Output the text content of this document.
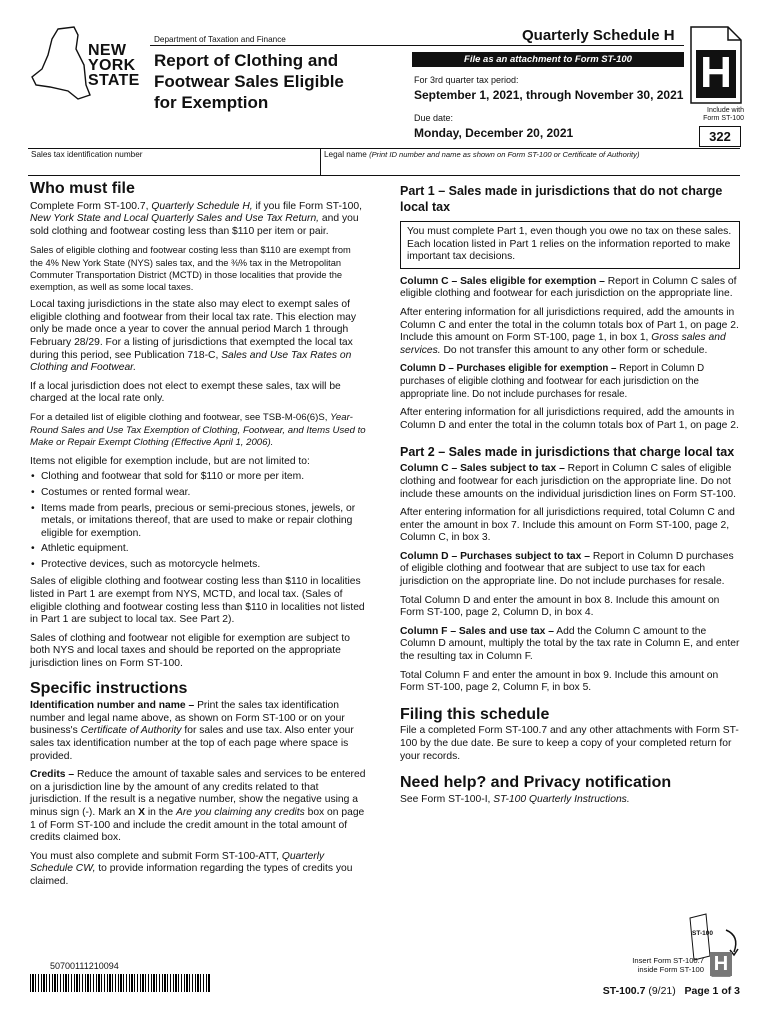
NEW
YORK
STATE
Department of Taxation and Finance
Report of Clothing and
Footwear Sales Eligible
for Exemption
Quarterly Schedule H
File as an attachment to Form ST-100
For 3rd quarter tax period:
September 1, 2021, through November 30, 2021
Due date:
Monday, December 20, 2021
H
Include with
Form ST-100
322
Sales tax identification number	Legal name (Print ID number and name as shown on Form ST-100 or Certificate of Authority)
Who must file

Complete Form ST-100.7, Quarterly Schedule H, if you file Form ST-100, New York State and Local Quarterly Sales and Use Tax Return, and you sold clothing and footwear costing less than $110 per item or pair.

Sales of eligible clothing and footwear costing less than $110 are exempt from the 4% New York State (NYS) sales tax, and the ⅜% tax in the Metropolitan Commuter Transportation District (MCTD) in those localities that provide the exemption, as well as some local taxes.

Local taxing jurisdictions in the state also may elect to exempt sales of eligible clothing and footwear from their local tax rate. This election may only be made once a year to cover the annual period March 1 through February 28/29. For a listing of jurisdictions that exempted the local tax during this period, see Publication 718-C, Sales and Use Tax Rates on Clothing and Footwear.

If a local jurisdiction does not elect to exempt these sales, tax will be charged at the local rate only.

For a detailed list of eligible clothing and footwear, see TSB-M-06(6)S, Year-Round Sales and Use Tax Exemption of Clothing, Footwear, and Items Used to Make or Repair Exempt Clothing (Effective April 1, 2006).

Items not eligible for exemption include, but are not limited to:

• Clothing and footwear that sold for $110 or more per item.
• Costumes or rented formal wear.
• Items made from pearls, precious or semi-precious stones, jewels, or metals, or imitations thereof, that are used to make or repair clothing eligible for exemption.
• Athletic equipment.
• Protective devices, such as motorcycle helmets.

Sales of eligible clothing and footwear costing less than $110 in localities listed in Part 1 are exempt from NYS, MCTD, and local tax. (Sales of eligible clothing and footwear costing less than $110 in localities not listed in Part 1 are subject to local tax. See Part 2).

Sales of clothing and footwear not eligible for exemption are subject to both NYS and local taxes and should be reported on the appropriate jurisdiction lines on Form ST-100.

Specific instructions

Identification number and name – Print the sales tax identification number and legal name above, as shown on Form ST-100 or on your business's Certificate of Authority for sales and use tax. Also enter your sales tax identification number at the top of each page where space is provided.

Credits – Reduce the amount of taxable sales and services to be entered on a jurisdiction line by the amount of any credits related to that jurisdiction. If the result is a negative number, show the negative using a minus sign (-). Mark an X in the Are you claiming any credits box on page 1 of Form ST-100 and include the credit amount in the total amount of credits claimed box.

You must also complete and submit Form ST-100-ATT, Quarterly Schedule CW, to provide information regarding the types of credits you claimed.

50700111210094
Part 1 – Sales made in jurisdictions that do not charge local tax
You must complete Part 1, even though you owe no tax on these sales. Each location listed in Part 1 relies on the information reported to make important tax decisions.

Column C – Sales eligible for exemption – Report in Column C sales of eligible clothing and footwear for each jurisdiction on the appropriate line.

After entering information for all jurisdictions required, add the amounts in Column C and enter the total in the column totals box of Part 1, on page 2. Include this amount on Form ST-100, page 1, in box 1, Gross sales and services. Do not transfer this amount to any other form or schedule.

Column D – Purchases eligible for exemption – Report in Column D purchases of eligible clothing and footwear for each jurisdiction on the appropriate line. Do not include purchases for resale.

After entering information for all jurisdictions required, add the amounts in Column D and enter the total in the column totals box of Part 1, on page 2.

Part 2 – Sales made in jurisdictions that charge local tax

Column C – Sales subject to tax – Report in Column C sales of eligible clothing and footwear for each jurisdiction on the appropriate line. Do not include these amounts on the individual jurisdiction lines on Form ST-100.

After entering information for all jurisdictions required, total Column C and enter the amount in box 7. Include this amount on Form ST-100, page 2, Column C, in box 3.

Column D – Purchases subject to tax – Report in Column D purchases of eligible clothing and footwear that are subject to use tax for each jurisdiction on the appropriate line. Do not include purchases for resale.

Total Column D and enter the amount in box 8. Include this amount on Form ST-100, page 2, Column D, in box 4.

Column F – Sales and use tax – Add the Column C amount to the Column D amount, multiply the total by the tax rate in Column E, and enter the resulting tax in Column F.

Total Column F and enter the amount in box 9. Include this amount on Form ST-100, page 2, Column F, in box 5.

Filing this schedule

File a completed Form ST-100.7 and any other attachments with Form ST-100 by the due date. Be sure to keep a copy of your completed return for your records.

Need help? and Privacy notification

See Form ST-100-I, ST-100 Quarterly Instructions.

ST-100
H
Insert Form ST-100.7
inside Form ST-100
ST-100.7 (9/21) Page 1 of 3
